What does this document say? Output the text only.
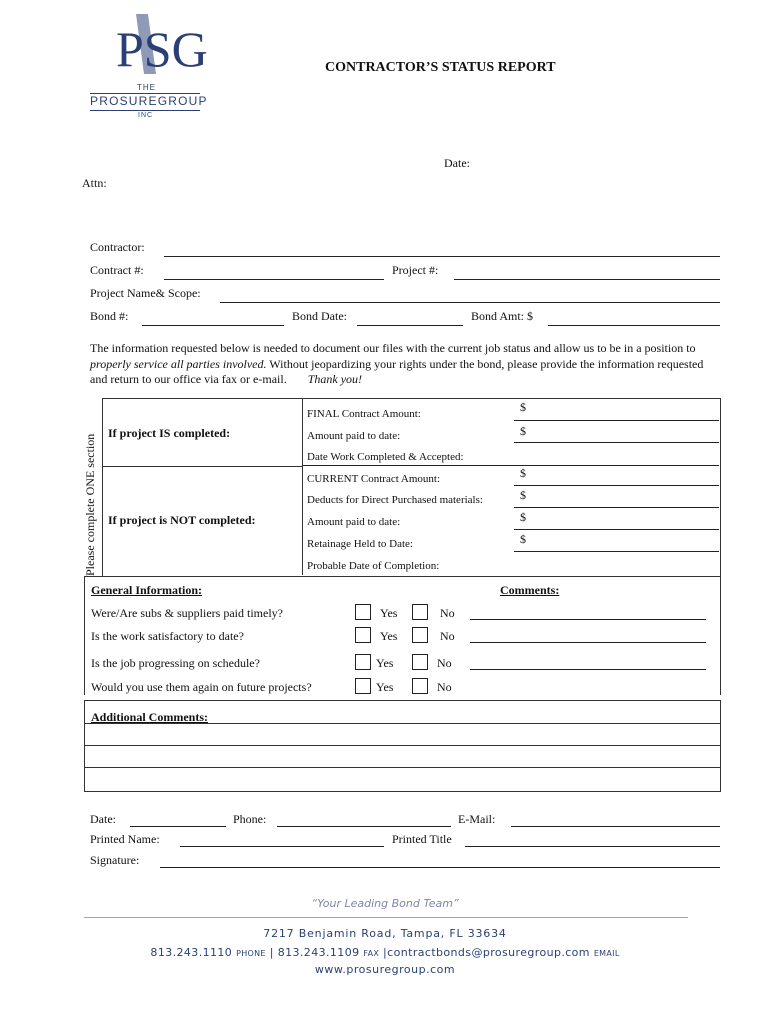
PSG
THE
PROSUREGROUP
INC
CONTRACTOR’S STATUS REPORT
Date:
Attn:
Contractor:
Contract #:	Project #:
Project Name& Scope:
Bond #:	Bond Date:	Bond Amt: $
The information requested below is needed to document our files with the current job status and allow us to be in a position to properly service all parties involved. Without jeopardizing your rights under the bond, please provide the information requested and return to our office via fax or e-mail. Thank you!
Please complete ONE section
If project IS completed:
If project is NOT completed:
FINAL Contract Amount:	$
Amount paid to date:	$
Date Work Completed & Accepted:
CURRENT Contract Amount:	$
Deducts for Direct Purchased materials:	$
Amount paid to date:	$
Retainage Held to Date:	$
Probable Date of Completion:
General Information:	Comments:
Were/Are subs & suppliers paid timely?	Yes	No
Is the work satisfactory to date?	Yes	No
Is the job progressing on schedule?	Yes	No
Would you use them again on future projects?	Yes	No
Additional Comments:
Date:	Phone:	E-Mail:
Printed Name:	Printed Title
Signature:
“Your Leading Bond Team”
7217 Benjamin Road, Tampa, FL 33634
813.243.1110 PHONE | 813.243.1109 FAX |contractbonds@prosuregroup.com EMAIL
www.prosuregroup.com
